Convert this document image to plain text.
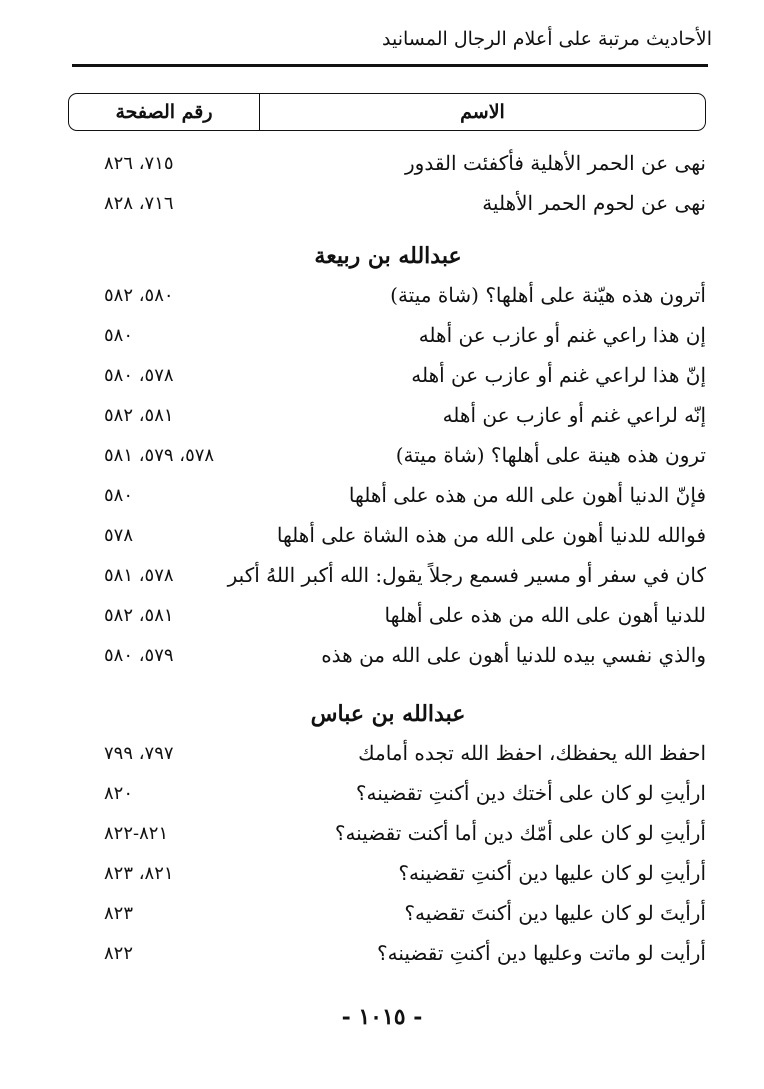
الأحاديث مرتبة على أعلام الرجال المسانيد
الاسم
رقم الصفحة
نهى عن الحمر الأهلية فأكفئت القدور
٧١٥، ٨٢٦
نهى عن لحوم الحمر الأهلية
٧١٦، ٨٢٨
عبدالله بن ربيعة
أترون هذه هيّنة على أهلها؟ (شاة ميتة)
٥٨٠، ٥٨٢
إن هذا راعي غنم أو عازب عن أهله
٥٨٠
إنّ هذا لراعي غنم أو عازب عن أهله
٥٧٨، ٥٨٠
إنّه لراعي غنم أو عازب عن أهله
٥٨١، ٥٨٢
ترون هذه هينة على أهلها؟ (شاة ميتة)
٥٧٨، ٥٧٩، ٥٨١
فإنّ الدنيا أهون على الله من هذه على أهلها
٥٨٠
فوالله للدنيا أهون على الله من هذه الشاة على أهلها
٥٧٨
كان في سفر أو مسير فسمع رجلاً يقول: الله أكبر اللهُ أكبر
٥٧٨، ٥٨١
للدنيا أهون على الله من هذه على أهلها
٥٨١، ٥٨٢
والذي نفسي بيده للدنيا أهون على الله من هذه
٥٧٩، ٥٨٠
عبدالله بن عباس
احفظ الله يحفظك، احفظ الله تجده أمامك
٧٩٧، ٧٩٩
ارأيتِ لو كان على أختك دين أكنتِ تقضينه؟
٨٢٠
أرأيتِ لو كان على أمّك دين أما أكنت تقضينه؟
٨٢١-٨٢٢
أرأيتِ لو كان عليها دين أكنتِ تقضينه؟
٨٢١، ٨٢٣
أرأيتَ لو كان عليها دين أكنتَ تقضيه؟
٨٢٣
أرأيت لو ماتت وعليها دين أكنتِ تقضينه؟
٨٢٢
- ١٠١٥ -
